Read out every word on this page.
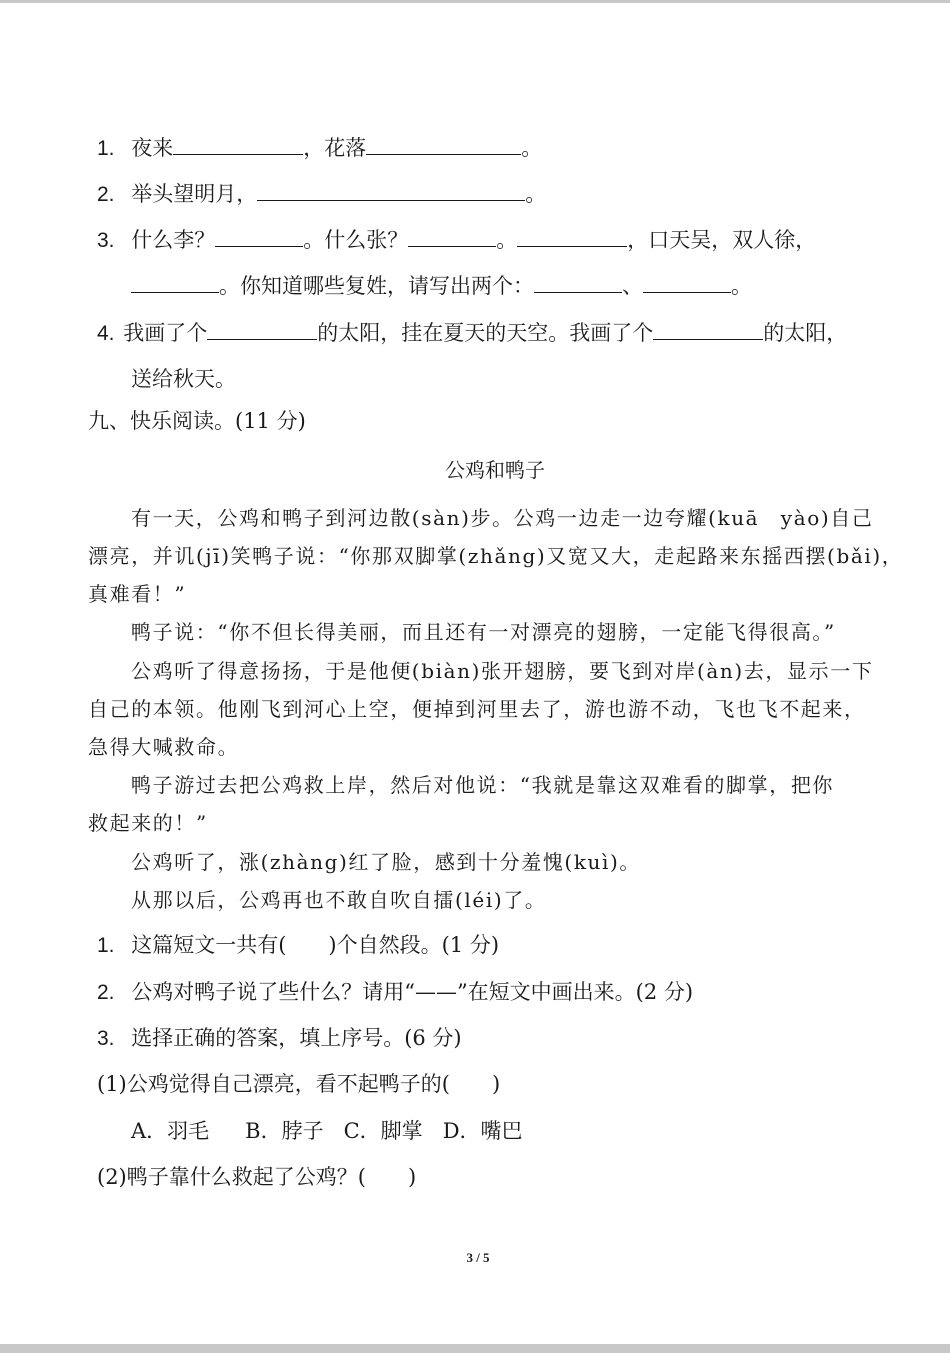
1. 夜来	，花落	。
2. 举头望明月，	。
3. 什么李？	。什么张？	。	，口天吴，双人徐，
。你知道哪些复姓，请写出两个：	、	。
4. 我画了个	的太阳，挂在夏天的天空。我画了个	的太阳，
送给秋天。
九、快乐阅读。(11 分)
公鸡和鸭子
有一天，公鸡和鸭子到河边散(sàn)步。公鸡一边走一边夸耀(kuā　yào)自己
漂亮，并讥(jī)笑鸭子说：“你那双脚掌(zhǎng)又宽又大，走起路来东摇西摆(bǎi)，
真难看！”
鸭子说：“你不但长得美丽，而且还有一对漂亮的翅膀，一定能飞得很高。”
公鸡听了得意扬扬，于是他便(biàn)张开翅膀，要飞到对岸(àn)去，显示一下
自己的本领。他刚飞到河心上空，便掉到河里去了，游也游不动，飞也飞不起来，
急得大喊救命。
鸭子游过去把公鸡救上岸，然后对他说：“我就是靠这双难看的脚掌，把你
救起来的！”
公鸡听了，涨(zhàng)红了脸，感到十分羞愧(kuì)。
从那以后，公鸡再也不敢自吹自擂(léi)了。
1. 这篇短文一共有(　　)个自然段。(1 分)
2. 公鸡对鸭子说了些什么？请用“——”在短文中画出来。(2 分)
3. 选择正确的答案，填上序号。(6 分)
(1)公鸡觉得自己漂亮，看不起鸭子的(　　)
A．羽毛 B．脖子 C．脚掌 D．嘴巴
(2)鸭子靠什么救起了公鸡？(　　)
3 / 5
